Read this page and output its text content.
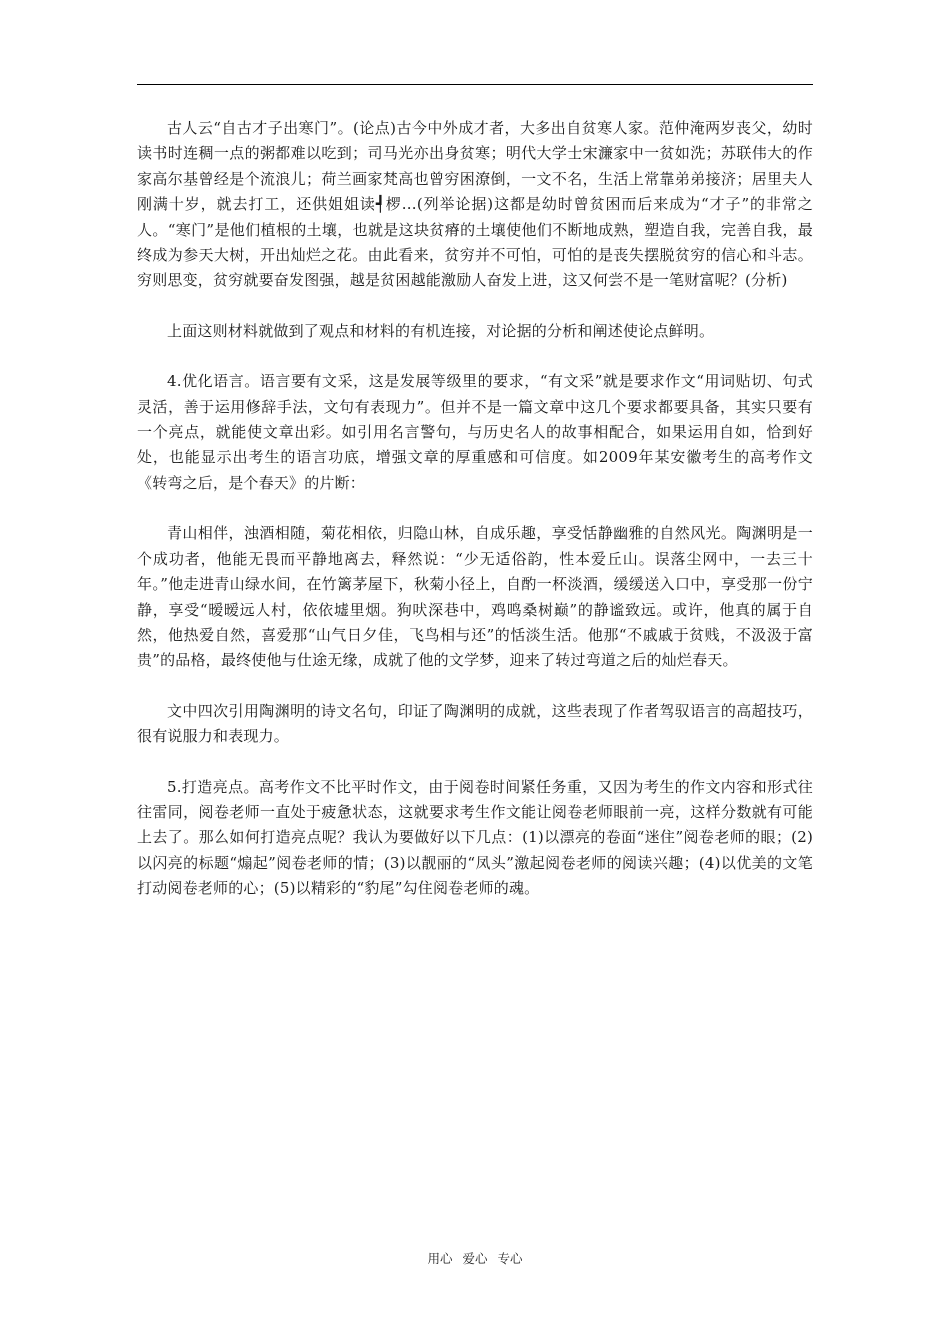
古人云“自古才子出寒门”。(论点)古今中外成才者，大多出自贫寒人家。范仲淹两岁丧父，幼时读书时连稠一点的粥都难以吃到；司马光亦出身贫寒；明代大学士宋濂家中一贫如洗；苏联伟大的作家高尔基曾经是个流浪儿；荷兰画家梵高也曾穷困潦倒，一文不名，生活上常靠弟弟接济；居里夫人刚满十岁，就去打工，还供姐姐读┩椤…(列举论据)这都是幼时曾贫困而后来成为“才子”的非常之人。“寒门”是他们植根的土壤，也就是这块贫瘠的土壤使他们不断地成熟，塑造自我，完善自我，最终成为参天大树，开出灿烂之花。由此看来，贫穷并不可怕，可怕的是丧失摆脱贫穷的信心和斗志。穷则思变，贫穷就要奋发图强，越是贫困越能激励人奋发上进，这又何尝不是一笔财富呢？(分析)

上面这则材料就做到了观点和材料的有机连接，对论据的分析和阐述使论点鲜明。

4.优化语言。语言要有文采，这是发展等级里的要求，“有文采”就是要求作文“用词贴切、句式灵活，善于运用修辞手法，文句有表现力”。但并不是一篇文章中这几个要求都要具备，其实只要有一个亮点，就能使文章出彩。如引用名言警句，与历史名人的故事相配合，如果运用自如，恰到好处，也能显示出考生的语言功底，增强文章的厚重感和可信度。如2009年某安徽考生的高考作文《转弯之后，是个春天》的片断：

青山相伴，浊酒相随，菊花相依，归隐山林，自成乐趣，享受恬静幽雅的自然风光。陶渊明是一个成功者，他能无畏而平静地离去，释然说：“少无适俗韵，性本爱丘山。误落尘网中，一去三十年。”他走进青山绿水间，在竹篱茅屋下，秋菊小径上，自酌一杯淡酒，缓缓送入口中，享受那一份宁静，享受“暧暧远人村，依依墟里烟。狗吠深巷中，鸡鸣桑树巅”的静谧致远。或许，他真的属于自然，他热爱自然，喜爱那“山气日夕佳，飞鸟相与还”的恬淡生活。他那“不戚戚于贫贱，不汲汲于富贵”的品格，最终使他与仕途无缘，成就了他的文学梦，迎来了转过弯道之后的灿烂春天。

文中四次引用陶渊明的诗文名句，印证了陶渊明的成就，这些表现了作者驾驭语言的高超技巧，很有说服力和表现力。

5.打造亮点。高考作文不比平时作文，由于阅卷时间紧任务重，又因为考生的作文内容和形式往往雷同，阅卷老师一直处于疲惫状态，这就要求考生作文能让阅卷老师眼前一亮，这样分数就有可能上去了。那么如何打造亮点呢？我认为要做好以下几点：(1)以漂亮的卷面“迷住”阅卷老师的眼；(2)以闪亮的标题“煽起”阅卷老师的情；(3)以靓丽的“凤头”激起阅卷老师的阅读兴趣；(4)以优美的文笔打动阅卷老师的心；(5)以精彩的“豹尾”勾住阅卷老师的魂。

用心 爱心 专心
